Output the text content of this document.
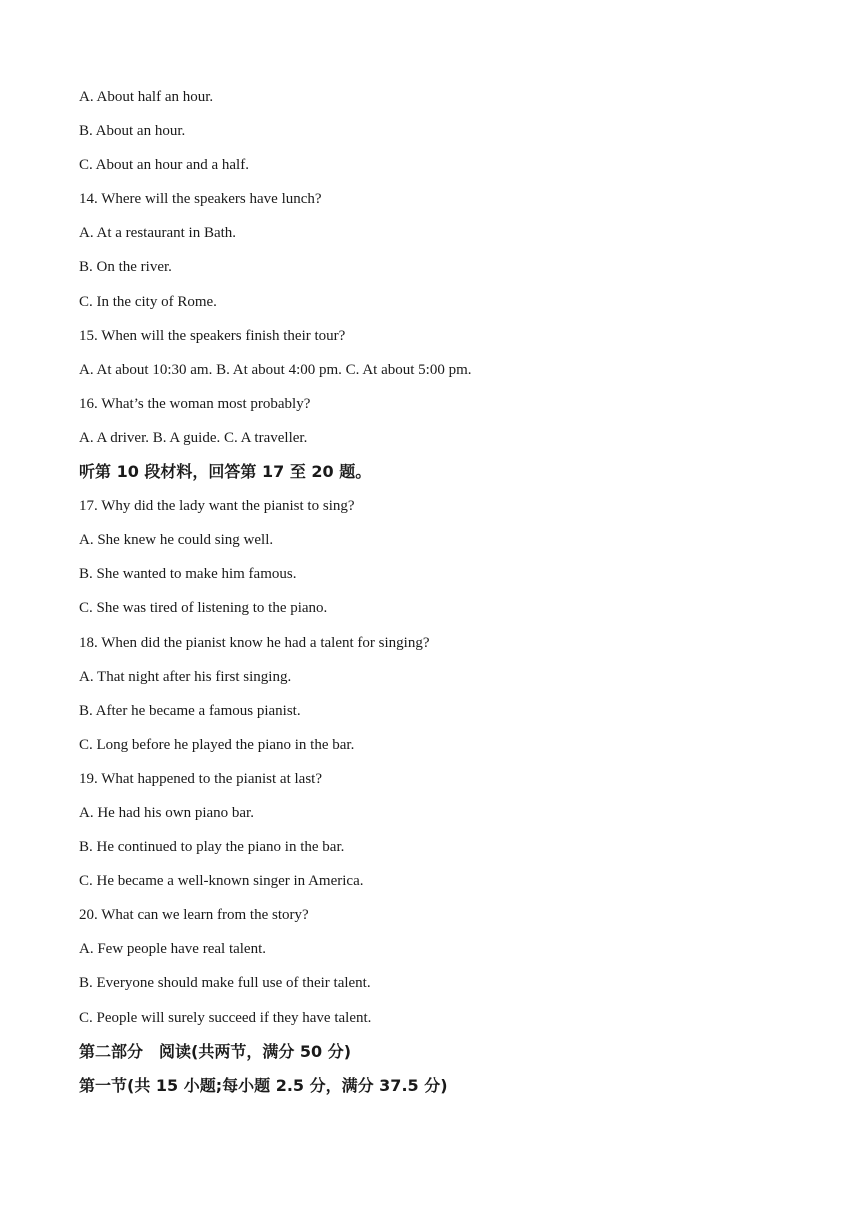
A. About half an hour.
B. About an hour.
C. About an hour and a half.
14. Where will the speakers have lunch?
A. At a restaurant in Bath.
B. On the river.
C. In the city of Rome.
15. When will the speakers finish their tour?
A. At about 10:30 am. B. At about 4:00 pm. C. At about 5:00 pm.
16. What’s the woman most probably?
A. A driver. B. A guide. C. A traveller.
听第 10 段材料，回答第 17 至 20 题。
17. Why did the lady want the pianist to sing?
A. She knew he could sing well.
B. She wanted to make him famous.
C. She was tired of listening to the piano.
18. When did the pianist know he had a talent for singing?
A. That night after his first singing.
B. After he became a famous pianist.
C. Long before he played the piano in the bar.
19. What happened to the pianist at last?
A. He had his own piano bar.
B. He continued to play the piano in the bar.
C. He became a well-known singer in America.
20. What can we learn from the story?
A. Few people have real talent.
B. Everyone should make full use of their talent.
C. People will surely succeed if they have talent.
第二部分　阅读(共两节，满分 50 分)
第一节(共 15 小题;每小题 2.5 分，满分 37.5 分)
